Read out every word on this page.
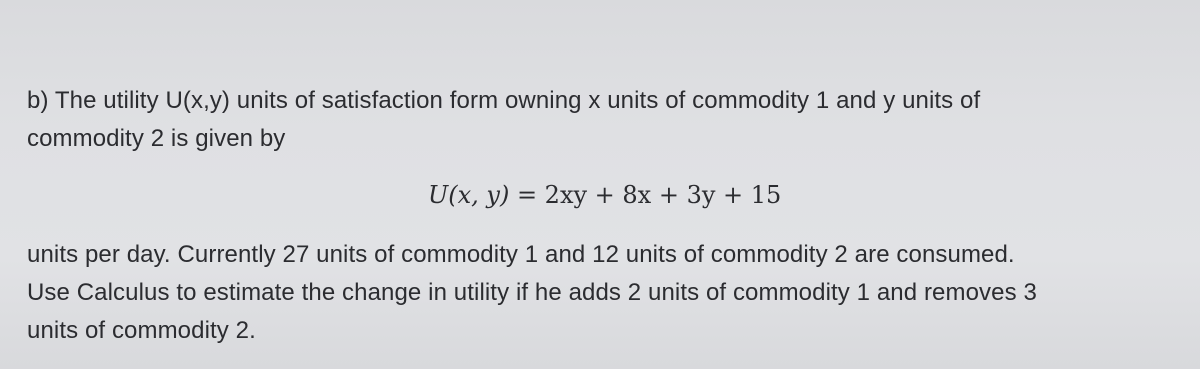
b) The utility U(x,y) units of satisfaction form owning x units of commodity 1 and y units of
commodity 2 is given by
U(x, y) = 2xy + 8x + 3y + 15
units per day. Currently 27 units of commodity 1 and 12 units of commodity 2 are consumed.
Use Calculus to estimate the change in utility if he adds 2 units of commodity 1 and removes 3
units of commodity 2.
